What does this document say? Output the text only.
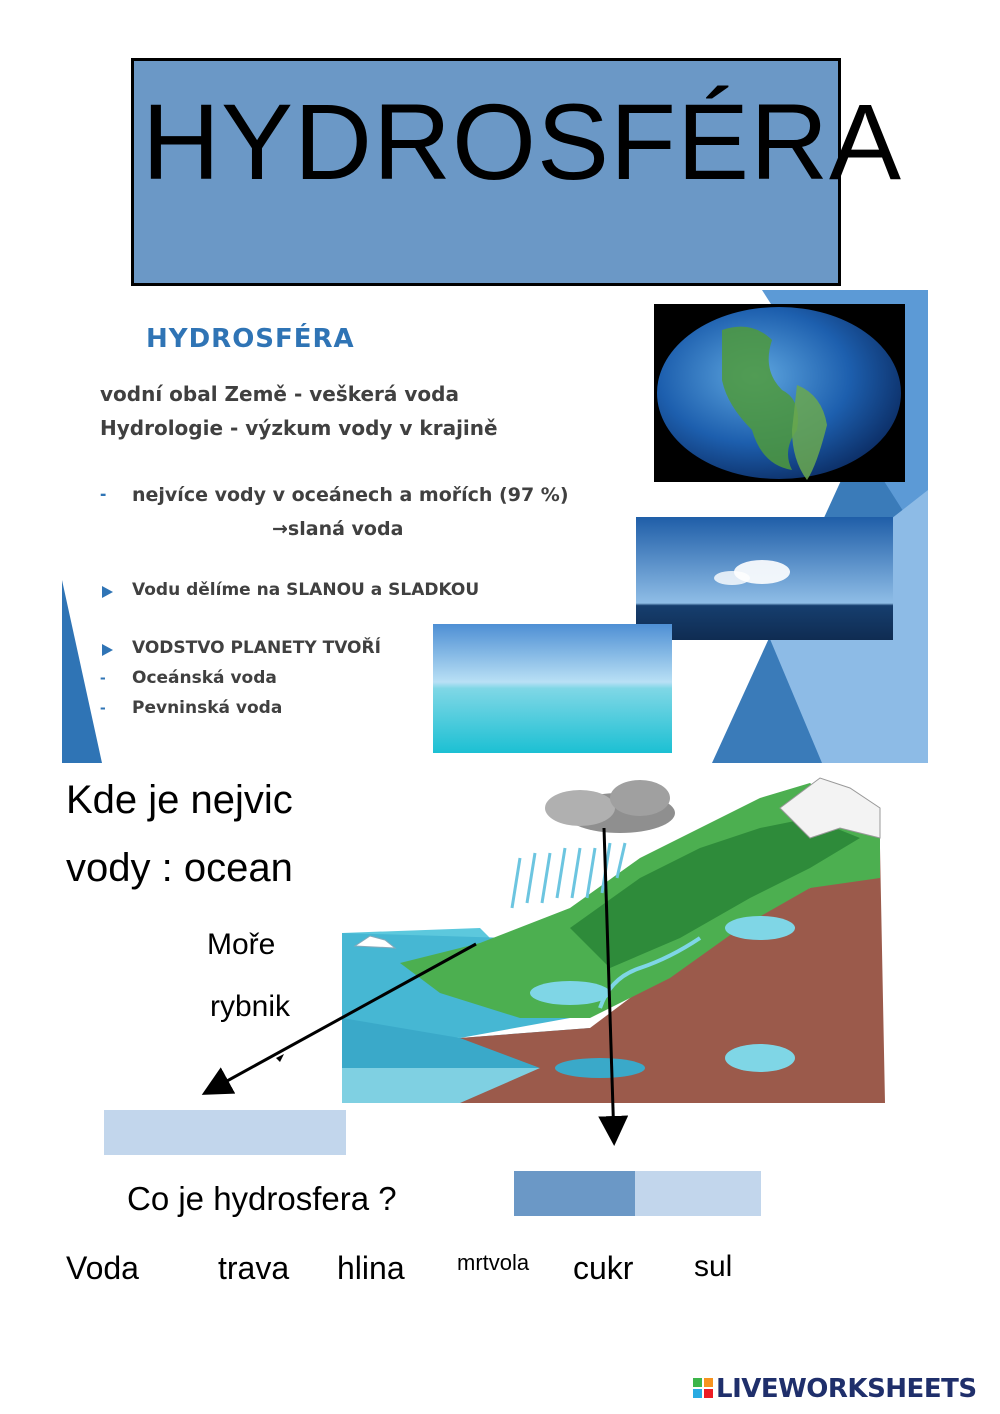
HYDROSFÉRA
HYDROSFÉRA
vodní obal Země - veškerá voda
Hydrologie - výzkum vody v krajině
- nejvíce vody v oceánech a mořích (97 %)
→slaná voda
Vodu dělíme na SLANOU a SLADKOU
VODSTVO PLANETY TVOŘÍ
- Oceánská voda
- Pevninská voda
Kde je nejvic
vody : ocean
Moře
rybnik
Co je hydrosfera ?
Voda trava hlina mrtvola cukr sul
LIVEWORKSHEETS
